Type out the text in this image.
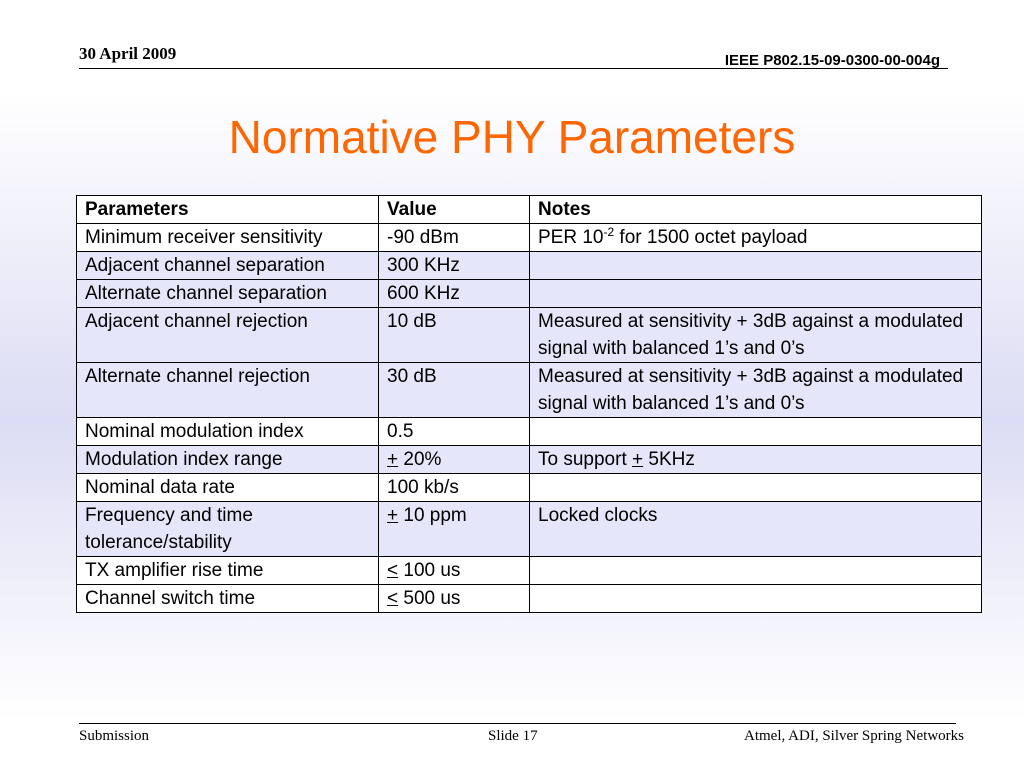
30 April 2009	IEEE P802.15-09-0300-00-004g
Normative PHY Parameters
Parameters	Value	Notes
Minimum receiver sensitivity	-90 dBm	PER $10^{-2}$ for 1500 octet payload
Adjacent channel separation	300 KHz	
Alternate channel separation	600 KHz	
Adjacent channel rejection	10 dB	Measured at sensitivity + 3dB against a modulated signal with balanced 1’s and 0’s
Alternate channel rejection	30 dB	Measured at sensitivity + 3dB against a modulated signal with balanced 1’s and 0’s
Nominal modulation index	0.5	
Modulation index range	+ 20%	To support + 5KHz
Nominal data rate	100 kb/s	
Frequency and time tolerance/stability	+ 10 ppm	Locked clocks
TX amplifier rise time	≤ 100 us	
Channel switch time	≤ 500 us	
Submission	Slide 17	Atmel, ADI, Silver Spring Networks
